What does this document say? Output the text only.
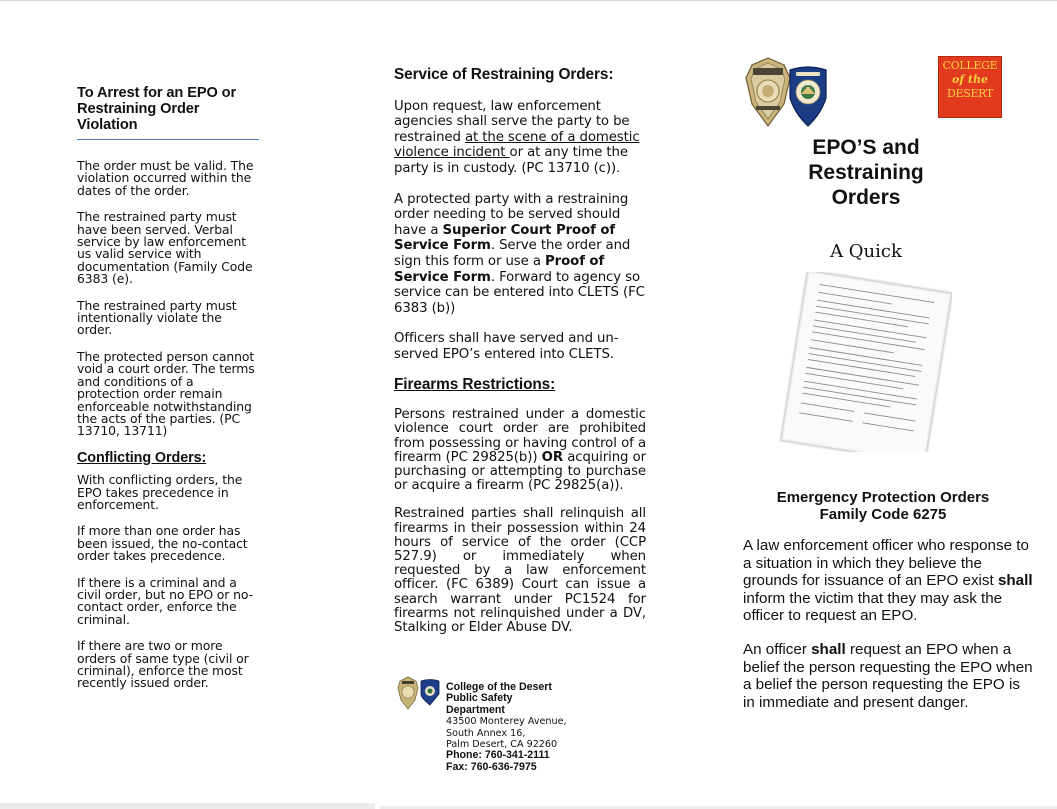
To Arrest for an EPO or Restraining Order Violation

The order must be valid. The violation occurred within the dates of the order.

The restrained party must have been served. Verbal service by law enforcement us valid service with documentation (Family Code 6383 (e).

The restrained party must intentionally violate the order.

The protected person cannot void a court order. The terms and conditions of a protection order remain enforceable notwithstanding the acts of the parties. (PC 13710, 13711)

Conflicting Orders:

With conflicting orders, the EPO takes precedence in enforcement.

If more than one order has been issued, the no-contact order takes precedence.

If there is a criminal and a civil order, but no EPO or no-contact order, enforce the criminal.

If there are two or more orders of same type (civil or criminal), enforce the most recently issued order.

Service of Restraining Orders:

Upon request, law enforcement agencies shall serve the party to be restrained at the scene of a domestic violence incident or at any time the party is in custody. (PC 13710 (c)).

A protected party with a restraining order needing to be served should have a Superior Court Proof of Service Form. Serve the order and sign this form or use a Proof of Service Form. Forward to agency so service can be entered into CLETS (FC 6383 (b))

Officers shall have served and un-served EPO’s entered into CLETS.

Firearms Restrictions:

Persons restrained under a domestic violence court order are prohibited from possessing or having control of a firearm (PC 29825(b)) OR acquiring or purchasing or attempting to purchase or acquire a firearm (PC 29825(a)).

Restrained parties shall relinquish all firearms in their possession within 24 hours of service of the order (CCP 527.9) or immediately when requested by a law enforcement officer. (FC 6389) Court can issue a search warrant under PC1524 for firearms not relinquished under a DV, Stalking or Elder Abuse DV.

College of the Desert
Public Safety
Department
43500 Monterey Avenue,
South Annex 16,
Palm Desert, CA 92260
Phone: 760-341-2111
Fax: 760-636-7975
COLLEGE
of the
DESERT
EPO’S and
Restraining
Orders
A Quick
Emergency Protection Orders
Family Code 6275

A law enforcement officer who response to a situation in which they believe the grounds for issuance of an EPO exist shall inform the victim that they may ask the officer to request an EPO.

An officer shall request an EPO when a belief the person requesting the EPO when a belief the person requesting the EPO is in immediate and present danger.
